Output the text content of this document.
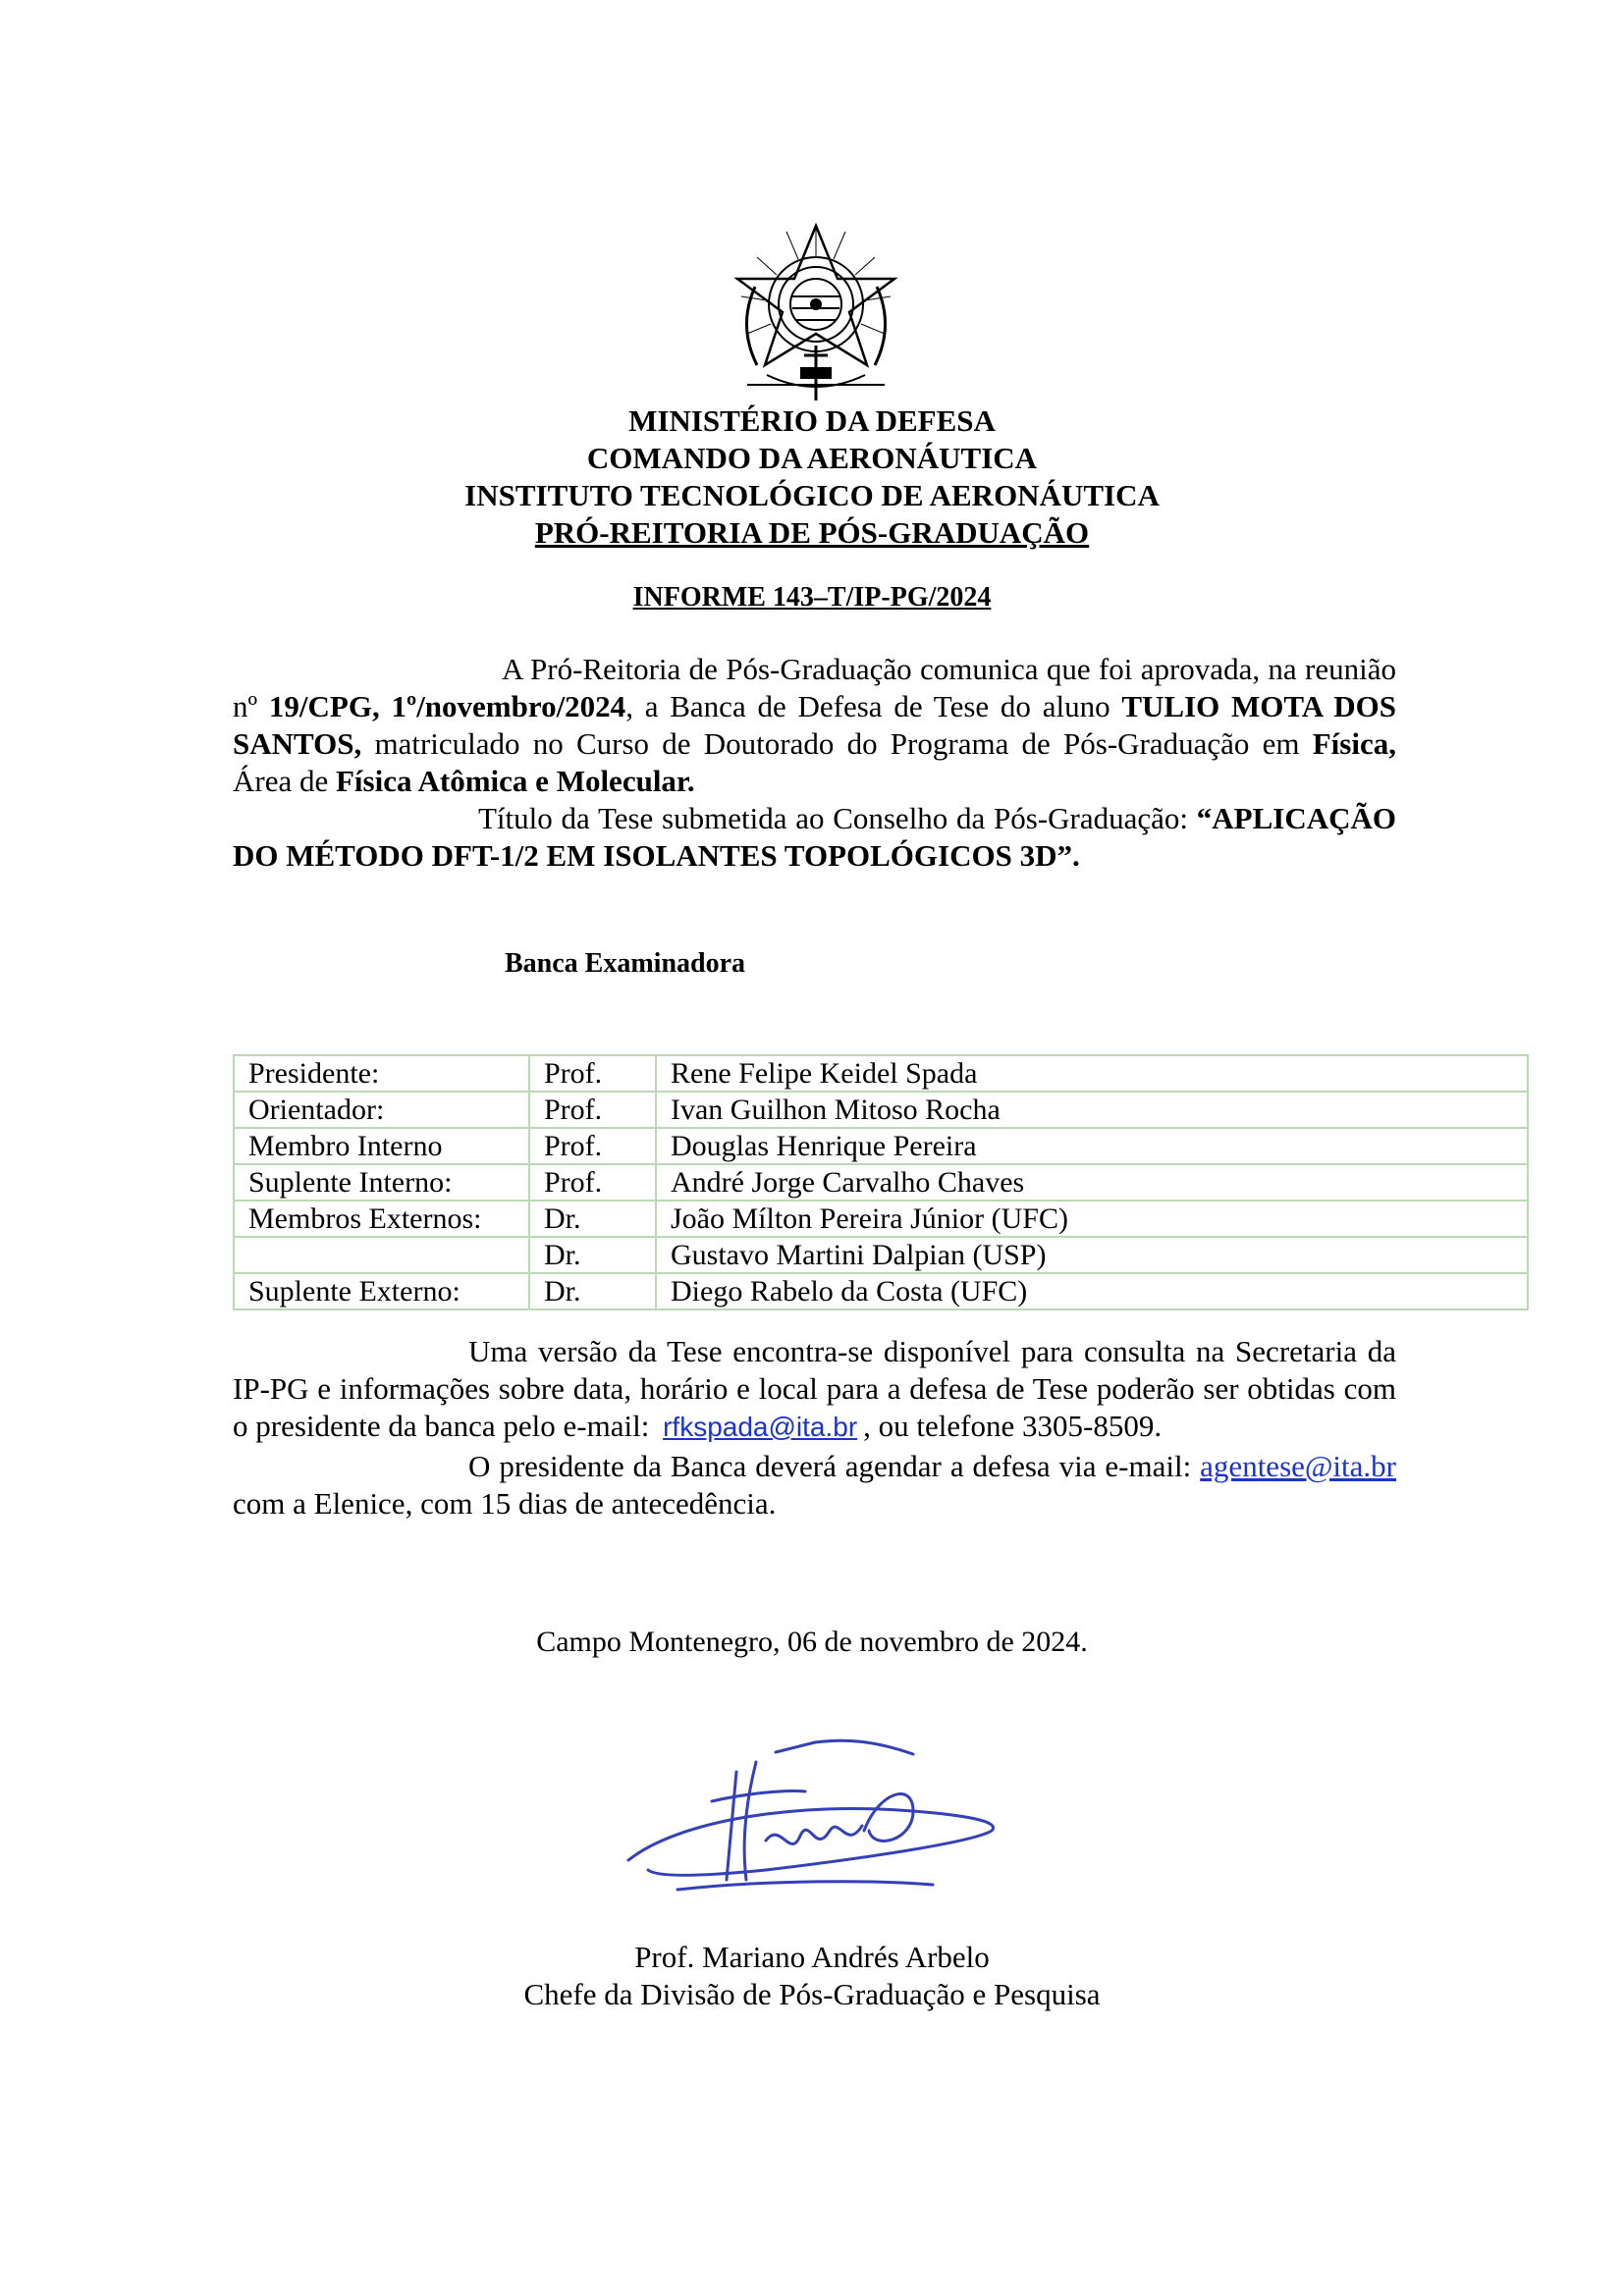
MINISTÉRIO DA DEFESA
COMANDO DA AERONÁUTICA
INSTITUTO TECNOLÓGICO DE AERONÁUTICA
PRÓ-REITORIA DE PÓS-GRADUAÇÃO
INFORME 143–T/IP-PG/2024
A Pró-Reitoria de Pós-Graduação comunica que foi aprovada, na reunião nº 19/CPG, 1º/novembro/2024, a Banca de Defesa de Tese do aluno TULIO MOTA DOS SANTOS, matriculado no Curso de Doutorado do Programa de Pós-Graduação em Física, Área de Física Atômica e Molecular.
Título da Tese submetida ao Conselho da Pós-Graduação: “APLICAÇÃO DO MÉTODO DFT-1/2 EM ISOLANTES TOPOLÓGICOS 3D”.
Banca Examinadora
Presidente:	Prof.	Rene Felipe Keidel Spada
Orientador:	Prof.	Ivan Guilhon Mitoso Rocha
Membro Interno	Prof.	Douglas Henrique Pereira
Suplente Interno:	Prof.	André Jorge Carvalho Chaves
Membros Externos:	Dr.	João Mílton Pereira Júnior (UFC)
	Dr.	Gustavo Martini Dalpian (USP)
Suplente Externo:	Dr.	Diego Rabelo da Costa (UFC)
Uma versão da Tese encontra-se disponível para consulta na Secretaria da IP-PG e informações sobre data, horário e local para a defesa de Tese poderão ser obtidas com o presidente da banca pelo e-mail: rfkspada@ita.br , ou telefone 3305-8509.
O presidente da Banca deverá agendar a defesa via e-mail: agentese@ita.br com a Elenice, com 15 dias de antecedência.
Campo Montenegro, 06 de novembro de 2024.
Prof. Mariano Andrés Arbelo
Chefe da Divisão de Pós-Graduação e Pesquisa
